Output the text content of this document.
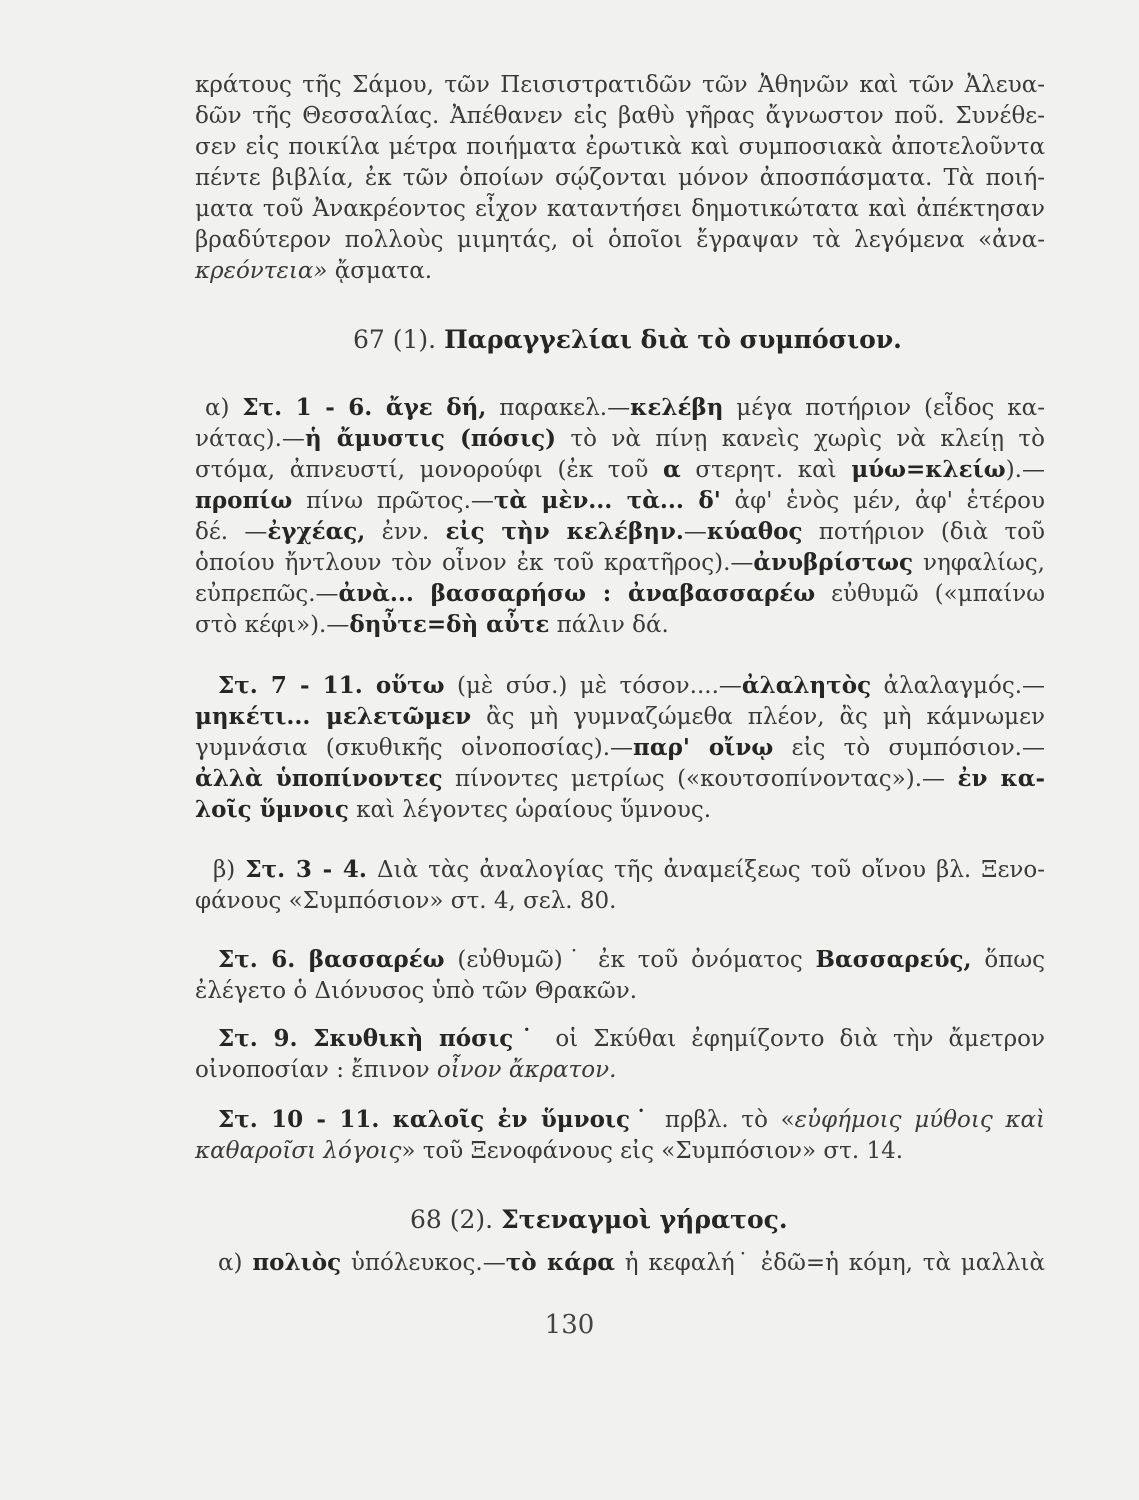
κράτους τῆς Σάμου, τῶν Πεισιστρατιδῶν τῶν Ἀθηνῶν καὶ τῶν Ἀλευα-
δῶν τῆς Θεσσαλίας. Ἀπέθανεν εἰς βαθὺ γῆρας ἄγνωστον ποῦ. Συνέθε-
σεν εἰς ποικίλα μέτρα ποιήματα ἐρωτικὰ καὶ συμποσιακὰ ἀποτελοῦντα
πέντε βιβλία, ἐκ τῶν ὁποίων σῴζονται μόνον ἀποσπάσματα. Τὰ ποιή-
ματα τοῦ Ἀνακρέοντος εἶχον καταντήσει δημοτικώτατα καὶ ἀπέκτησαν
βραδύτερον πολλοὺς μιμητάς, οἱ ὁποῖοι ἔγραψαν τὰ λεγόμενα «ἀνα-
κρεόντεια» ᾄσματα.
67 (1). Παραγγελίαι διὰ τὸ συμπόσιον.
α) Στ. 1 - 6. ἄγε δή, παρακελ.—κελέβη μέγα ποτήριον (εἶδος κα-
νάτας).—ἡ ἄμυστις (πόσις) τὸ νὰ πίνῃ κανεὶς χωρὶς νὰ κλείῃ τὸ
στόμα, ἀπνευστί, μονορούφι (ἐκ τοῦ α στερητ. καὶ μύω=κλείω).—
προπίω πίνω πρῶτος.—τὰ μὲν... τὰ... δ' ἀφ' ἑνὸς μέν, ἀφ' ἑτέρου
δέ. —ἐγχέας, ἐνν. εἰς τὴν κελέβην.—κύαθος ποτήριον (διὰ τοῦ
ὁποίου ἤντλουν τὸν οἶνον ἐκ τοῦ κρατῆρος).—ἀνυβρίστως νηφαλίως,
εὐπρεπῶς.—ἀνὰ... βασσαρήσω : ἀναβασσαρέω εὐθυμῶ («μπαίνω
στὸ κέφι»).—δηὖτε=δὴ αὖτε πάλιν δά.
Στ. 7 - 11. οὕτω (μὲ σύσ.) μὲ τόσον....—ἀλαλητὸς ἀλαλαγμός.—
μηκέτι... μελετῶμεν ἂς μὴ γυμναζώμεθα πλέον, ἂς μὴ κάμνωμεν
γυμνάσια (σκυθικῆς οἰνοποσίας).—παρ' οἴνῳ εἰς τὸ συμπόσιον.—
ἀλλὰ ὑποπίνοντες πίνοντες μετρίως («κουτσοπίνοντας»).— ἐν κα-
λοῖς ὕμνοις καὶ λέγοντες ὡραίους ὕμνους.
β) Στ. 3 - 4. Διὰ τὰς ἀναλογίας τῆς ἀναμείξεως τοῦ οἴνου βλ. Ξενο-
φάνους «Συμπόσιον» στ. 4, σελ. 80.
Στ. 6. βασσαρέω (εὐθυμῶ)˙ ἐκ τοῦ ὀνόματος Βασσαρεύς, ὅπως
ἐλέγετο ὁ Διόνυσος ὑπὸ τῶν Θρακῶν.
Στ. 9. Σκυθικὴ πόσις˙ οἱ Σκύθαι ἐφημίζοντο διὰ τὴν ἄμετρον
οἰνοποσίαν : ἔπινον οἶνον ἄκρατον.
Στ. 10 - 11. καλοῖς ἐν ὕμνοις˙ πρβλ. τὸ «εὐφήμοις μύθοις καὶ
καθαροῖσι λόγοις» τοῦ Ξενοφάνους εἰς «Συμπόσιον» στ. 14.
68 (2). Στεναγμοὶ γήρατος.
α) πολιὸς ὑπόλευκος.—τὸ κάρα ἡ κεφαλή˙ ἐδῶ=ἡ κόμη, τὰ μαλλιὰ
130
